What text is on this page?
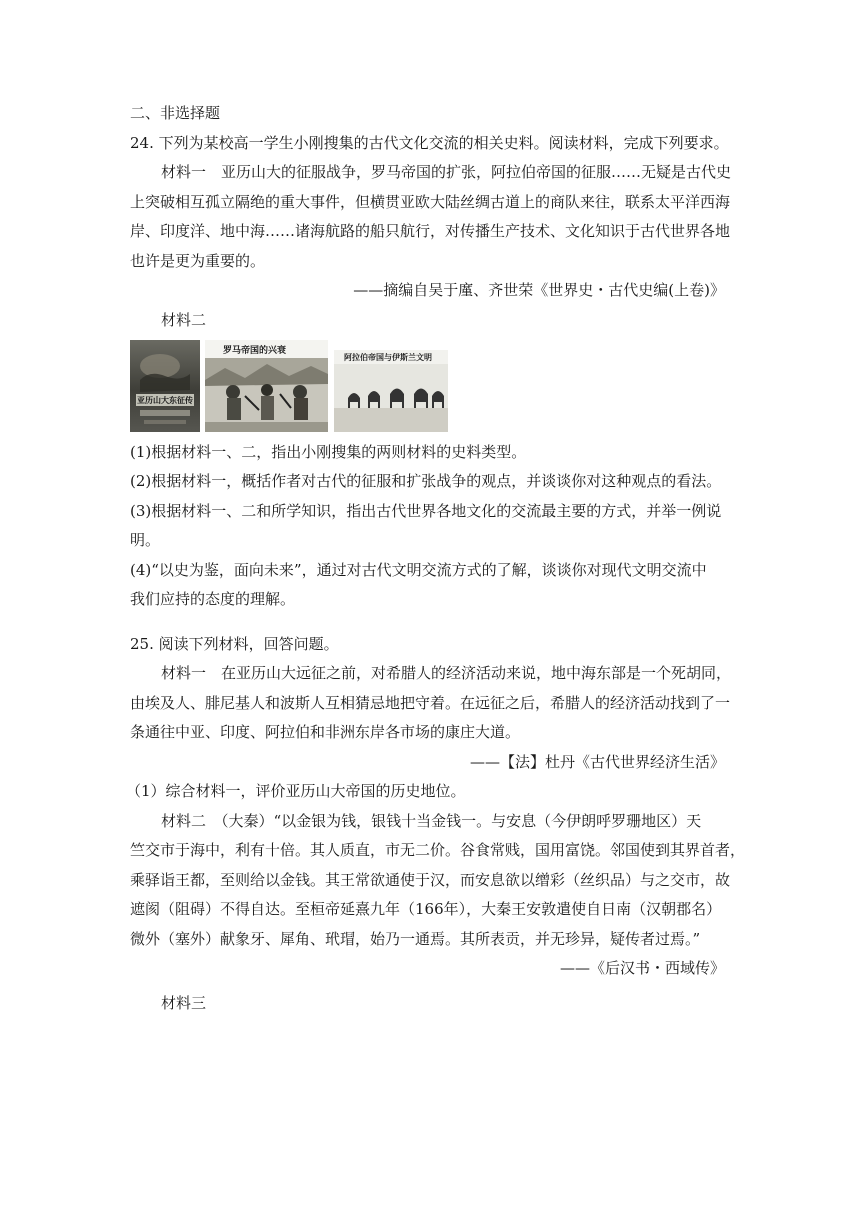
二、非选择题
24. 下列为某校高一学生小刚搜集的古代文化交流的相关史料。阅读材料，完成下列要求。
材料一　亚历山大的征服战争，罗马帝国的扩张，阿拉伯帝国的征服……无疑是古代史
上突破相互孤立隔绝的重大事件，但横贯亚欧大陆丝绸古道上的商队来往，联系太平洋西海
岸、印度洋、地中海……诸海航路的船只航行，对传播生产技术、文化知识于古代世界各地
也许是更为重要的。
——摘编自吴于廑、齐世荣《世界史・古代史编(上卷)》
材料二
亚历山大东征传
罗马帝国的兴衰
阿拉伯帝国与伊斯兰文明
(1)根据材料一、二，指出小刚搜集的两则材料的史料类型。
(2)根据材料一，概括作者对古代的征服和扩张战争的观点，并谈谈你对这种观点的看法。
(3)根据材料一、二和所学知识，指出古代世界各地文化的交流最主要的方式，并举一例说
明。
(4)“以史为鉴，面向未来”，通过对古代文明交流方式的了解，谈谈你对现代文明交流中
我们应持的态度的理解。
25. 阅读下列材料，回答问题。
材料一　在亚历山大远征之前，对希腊人的经济活动来说，地中海东部是一个死胡同，
由埃及人、腓尼基人和波斯人互相猜忌地把守着。在远征之后，希腊人的经济活动找到了一
条通往中亚、印度、阿拉伯和非洲东岸各市场的康庄大道。
——【法】杜丹《古代世界经济生活》
（1）综合材料一，评价亚历山大帝国的历史地位。
材料二　（大秦）“以金银为钱，银钱十当金钱一。与安息（今伊朗呼罗珊地区）天
竺交市于海中，利有十倍。其人质直，市无二价。谷食常贱，国用富饶。邻国使到其界首者，
乘驿诣王都，至则给以金钱。其王常欲通使于汉，而安息欲以缯彩（丝织品）与之交市，故
遮阂（阻碍）不得自达。至桓帝延熹九年（166年），大秦王安敦遣使自日南（汉朝郡名）
微外（塞外）献象牙、犀角、玳瑁，始乃一通焉。其所表贡，并无珍异，疑传者过焉。”
——《后汉书・西域传》
材料三
